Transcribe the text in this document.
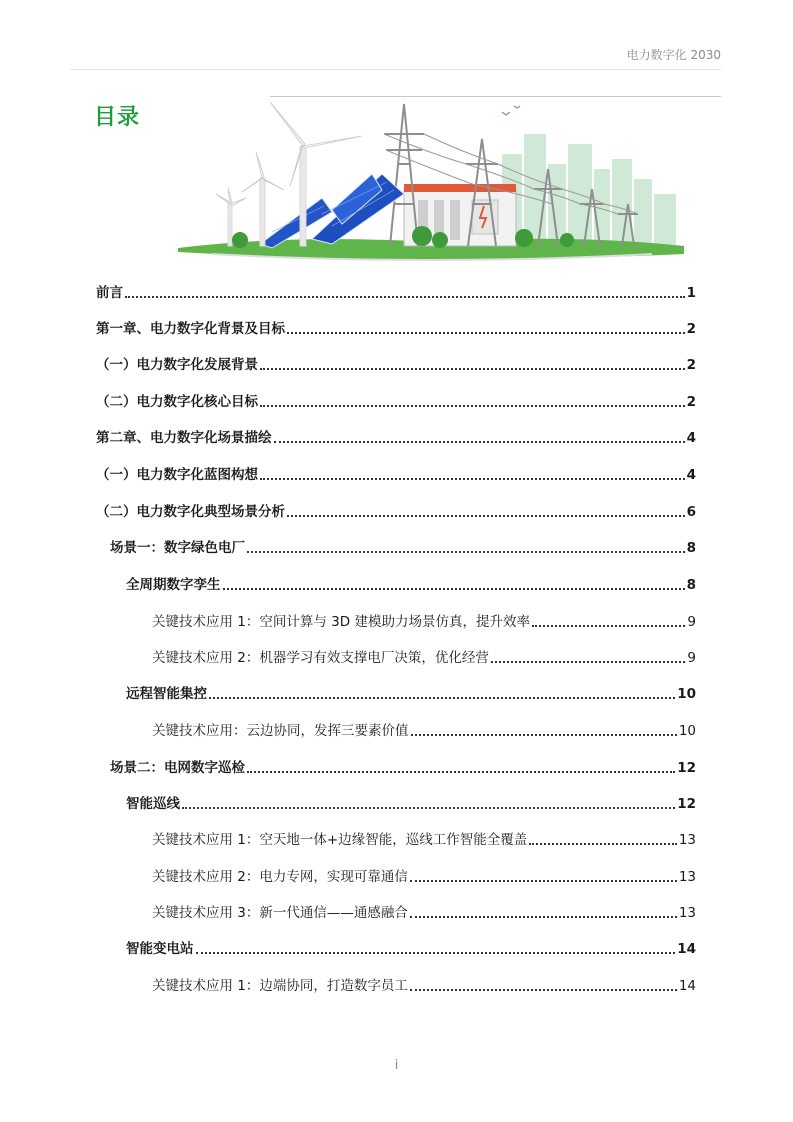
电力数字化 2030
目录
前言	1
第一章、电力数字化背景及目标	2
（一）电力数字化发展背景	2
（二）电力数字化核心目标	2
第二章、电力数字化场景描绘	4
（一）电力数字化蓝图构想	4
（二）电力数字化典型场景分析	6
场景一：数字绿色电厂	8
全周期数字孪生	8
关键技术应用 1：空间计算与 3D 建模助力场景仿真，提升效率	9
关键技术应用 2：机器学习有效支撑电厂决策，优化经营	9
远程智能集控	10
关键技术应用：云边协同，发挥三要素价值	10
场景二：电网数字巡检	12
智能巡线	12
关键技术应用 1：空天地一体+边缘智能，巡线工作智能全覆盖	13
关键技术应用 2：电力专网，实现可靠通信	13
关键技术应用 3：新一代通信——通感融合	13
智能变电站	14
关键技术应用 1：边端协同，打造数字员工	14
i
